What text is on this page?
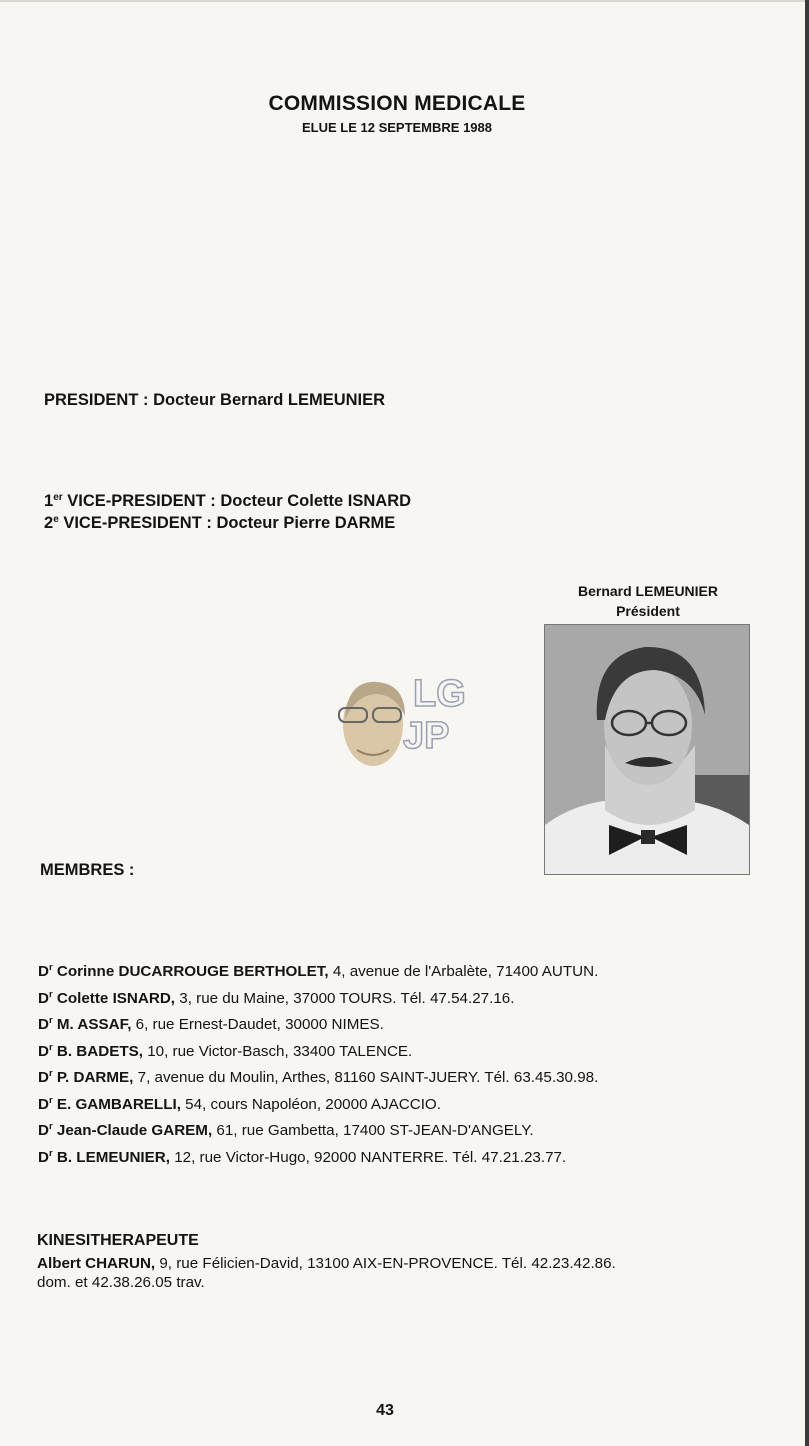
COMMISSION MEDICALE
ELUE LE 12 SEPTEMBRE 1988
PRESIDENT : Docteur Bernard LEMEUNIER
1er VICE-PRESIDENT : Docteur Colette ISNARD
2e VICE-PRESIDENT : Docteur Pierre DARME
Bernard LEMEUNIER
Président
LG
JP
MEMBRES :
$D^r$ Corinne DUCARROUGE BERTHOLET, 4, avenue de l'Arbalète, 71400 AUTUN.
$D^r$ Colette ISNARD, 3, rue du Maine, 37000 TOURS. Tél. 47.54.27.16.
$D^r$ M. ASSAF, 6, rue Ernest-Daudet, 30000 NIMES.
$D^r$ B. BADETS, 10, rue Victor-Basch, 33400 TALENCE.
$D^r$ P. DARME, 7, avenue du Moulin, Arthes, 81160 SAINT-JUERY. Tél. 63.45.30.98.
$D^r$ E. GAMBARELLI, 54, cours Napoléon, 20000 AJACCIO.
$D^r$ Jean-Claude GAREM, 61, rue Gambetta, 17400 ST-JEAN-D'ANGELY.
$D^r$ B. LEMEUNIER, 12, rue Victor-Hugo, 92000 NANTERRE. Tél. 47.21.23.77.
KINESITHERAPEUTE
Albert CHARUN, 9, rue Félicien-David, 13100 AIX-EN-PROVENCE. Tél. 42.23.42.86.
dom. et 42.38.26.05 trav.
43
